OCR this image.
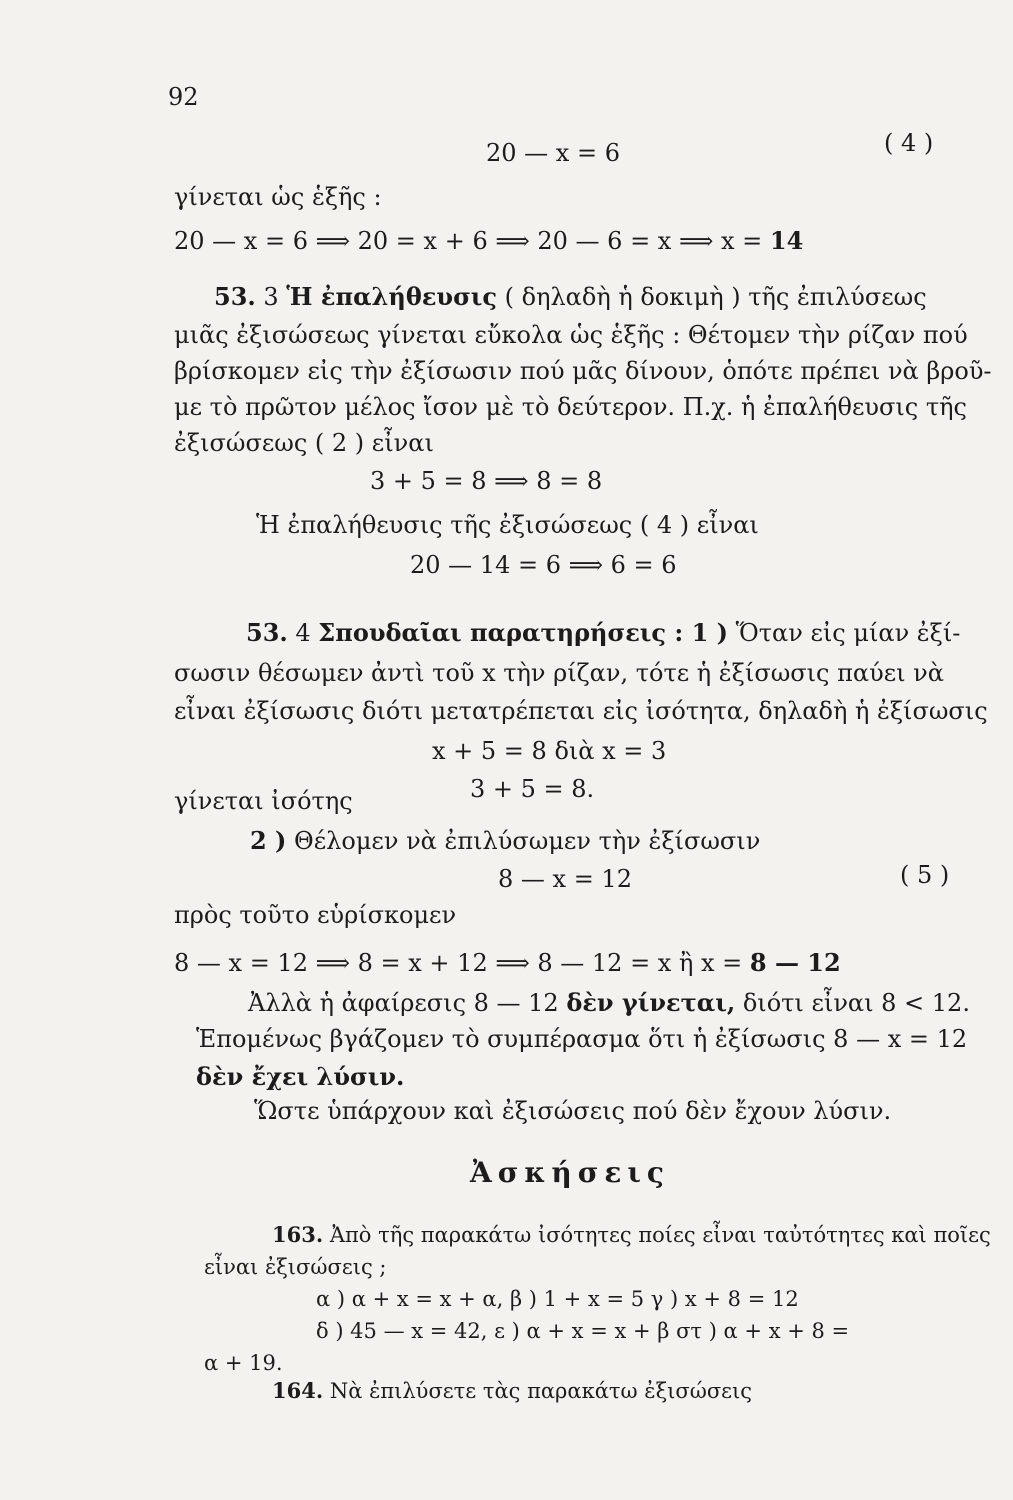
92
20 — x = 6	( 4 )
γίνεται ὡς ἑξῆς :
20 — x = 6 ⟹ 20 = x + 6 ⟹ 20 — 6 = x ⟹ x = 14
53. 3 Ἡ ἐπαλήθευσις ( δηλαδὴ ἡ δοκιμὴ ) τῆς ἐπιλύσεως
μιᾶς ἐξισώσεως γίνεται εὔκολα ὡς ἑξῆς : Θέτομεν τὴν ρίζαν πού
βρίσκομεν εἰς τὴν ἐξίσωσιν πού μᾶς δίνουν, ὁπότε πρέπει νὰ βροῦ-
με τὸ πρῶτον μέλος ἴσον μὲ τὸ δεύτερον. Π.χ. ἡ ἐπαλήθευσις τῆς
ἐξισώσεως ( 2 ) εἶναι
3 + 5 = 8 ⟹ 8 = 8
Ἡ ἐπαλήθευσις τῆς ἐξισώσεως ( 4 ) εἶναι
20 — 14 = 6 ⟹ 6 = 6
53. 4 Σπουδαῖαι παρατηρήσεις : 1 ) Ὅταν εἰς μίαν ἐξί-
σωσιν θέσωμεν ἀντὶ τοῦ x τὴν ρίζαν, τότε ἡ ἐξίσωσις παύει νὰ
εἶναι ἐξίσωσις διότι μετατρέπεται εἰς ἰσότητα, δηλαδὴ ἡ ἐξίσωσις
x + 5 = 8 διὰ x = 3
γίνεται ἰσότης	3 + 5 = 8.
2 ) Θέλομεν νὰ ἐπιλύσωμεν τὴν ἐξίσωσιν
8 — x = 12	( 5 )
πρὸς τοῦτο εὑρίσκομεν
8 — x = 12 ⟹ 8 = x + 12 ⟹ 8 — 12 = x ἢ x = 8 — 12
Ἀλλὰ ἡ ἀφαίρεσις 8 — 12 δὲν γίνεται, διότι εἶναι 8 < 12.
Ἑπομένως βγάζομεν τὸ συμπέρασμα ὅτι ἡ ἐξίσωσις 8 — x = 12
δὲν ἔχει λύσιν.
Ὥστε ὑπάρχουν καὶ ἐξισώσεις πού δὲν ἔχουν λύσιν.
Ἀσκήσεις
163. Ἀπὸ τῆς παρακάτω ἰσότητες ποίες εἶναι ταὐτότητες καὶ ποῖες
εἶναι ἐξισώσεις ;
α ) α + x = x + α, β ) 1 + x = 5 γ ) x + 8 = 12
δ ) 45 — x = 42, ε ) α + x = x + β στ ) α + x + 8 =
α + 19.
164. Νὰ ἐπιλύσετε τὰς παρακάτω ἐξισώσεις
